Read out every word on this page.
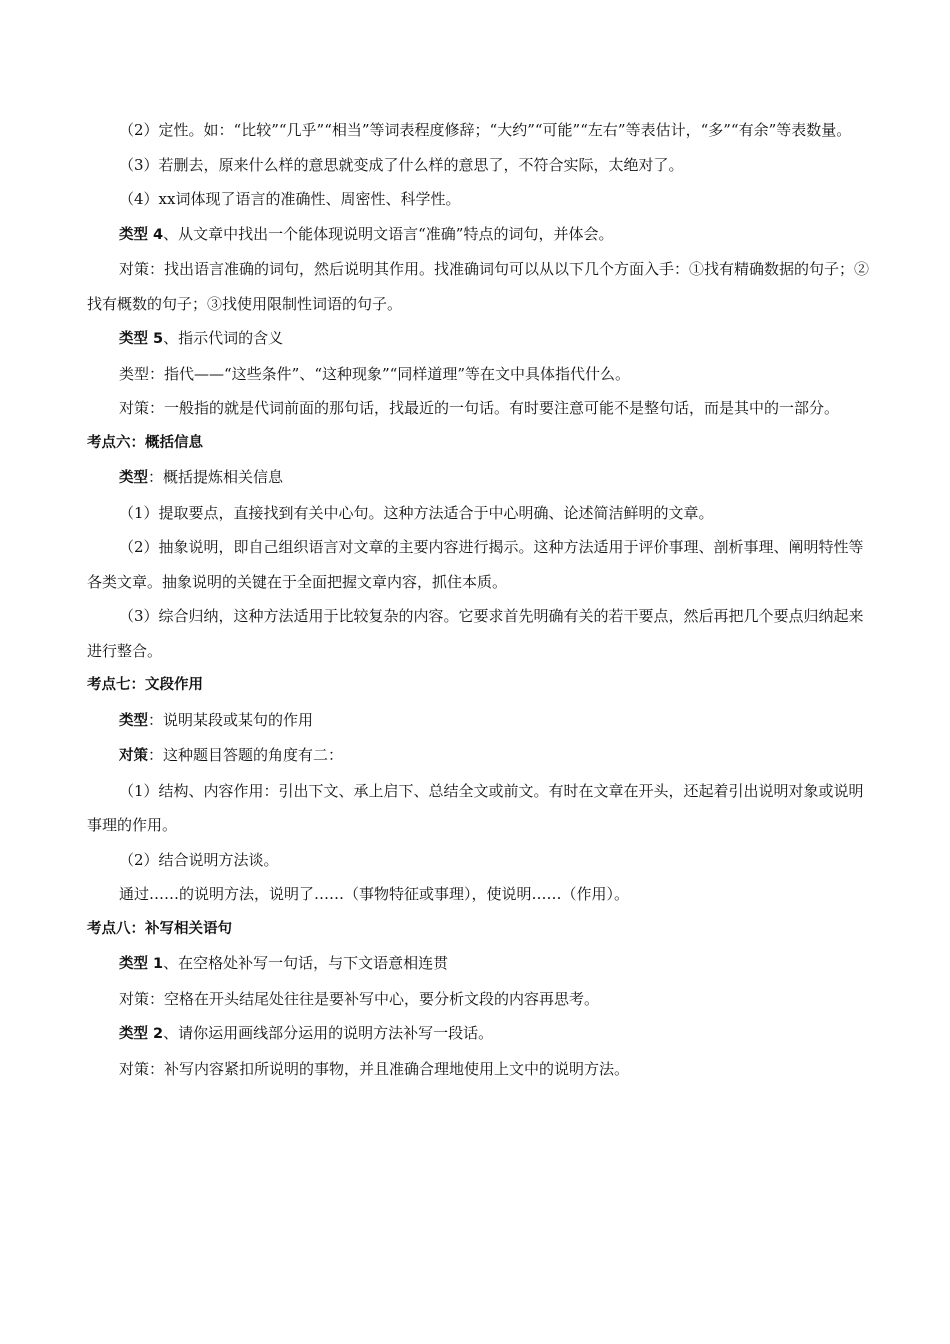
（2）定性。如：“比较”“几乎”“相当”等词表程度修辞；“大约”“可能”“左右”等表估计，“多”“有余”等表数量。

（3）若删去，原来什么样的意思就变成了什么样的意思了，不符合实际，太绝对了。

（4）xx词体现了语言的准确性、周密性、科学性。

类型 4、从文章中找出一个能体现说明文语言“准确”特点的词句，并体会。

对策：找出语言准确的词句，然后说明其作用。找准确词句可以从以下几个方面入手：①找有精确数据的句子；②找有概数的句子；③找使用限制性词语的句子。

类型 5、指示代词的含义

类型：指代——“这些条件”、“这种现象”“同样道理”等在文中具体指代什么。

对策：一般指的就是代词前面的那句话，找最近的一句话。有时要注意可能不是整句话，而是其中的一部分。

考点六：概括信息

类型：概括提炼相关信息

（1）提取要点，直接找到有关中心句。这种方法适合于中心明确、论述简洁鲜明的文章。

（2）抽象说明，即自己组织语言对文章的主要内容进行揭示。这种方法适用于评价事理、剖析事理、阐明特性等各类文章。抽象说明的关键在于全面把握文章内容，抓住本质。

（3）综合归纳，这种方法适用于比较复杂的内容。它要求首先明确有关的若干要点，然后再把几个要点归纳起来进行整合。

考点七：文段作用

类型：说明某段或某句的作用

对策：这种题目答题的角度有二：

（1）结构、内容作用：引出下文、承上启下、总结全文或前文。有时在文章在开头，还起着引出说明对象或说明事理的作用。

（2）结合说明方法谈。

通过……的说明方法，说明了……（事物特征或事理），使说明……（作用）。

考点八：补写相关语句

类型 1、在空格处补写一句话，与下文语意相连贯

对策：空格在开头结尾处往往是要补写中心，要分析文段的内容再思考。

类型 2、请你运用画线部分运用的说明方法补写一段话。

对策：补写内容紧扣所说明的事物，并且准确合理地使用上文中的说明方法。
